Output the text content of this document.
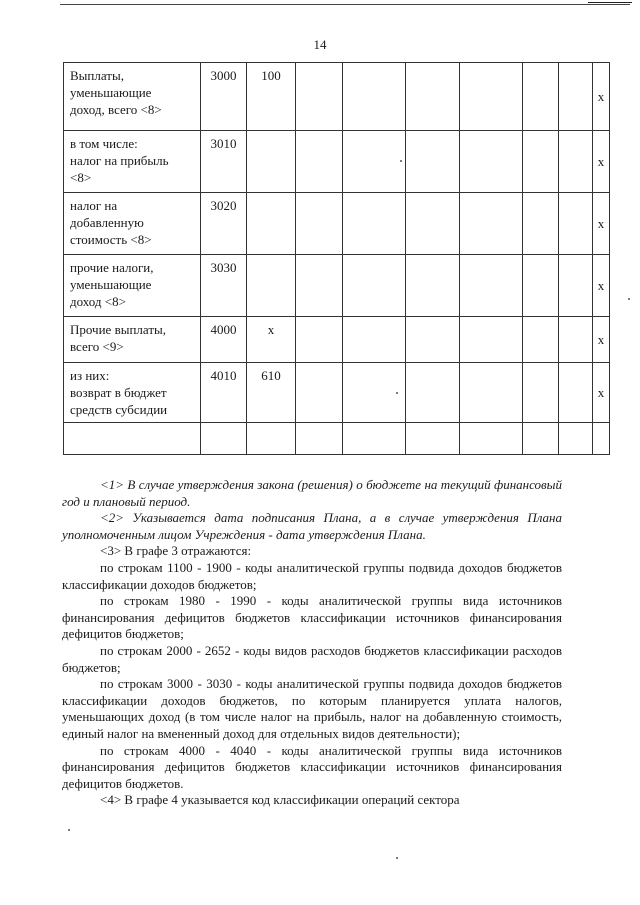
14
Выплаты,
уменьшающие
доход, всего <8>	3000	100							x
в том числе:
налог на прибыль
<8>	3010								x
налог на
добавленную
стоимость <8>	3020								x
прочие налоги,
уменьшающие
доход <8>	3030								x
Прочие выплаты,
всего <9>	4000	x							x
из них:
возврат в бюджет
средств субсидии	4010	610							x

<1> В случае утверждения закона (решения) о бюджете на текущий финансовый год и плановый период.

<2> Указывается дата подписания Плана, а в случае утверждения Плана уполномоченным лицом Учреждения - дата утверждения Плана.

<3> В графе 3 отражаются:

по строкам 1100 - 1900 - коды аналитической группы подвида доходов бюджетов классификации доходов бюджетов;

по строкам 1980 - 1990 - коды аналитической группы вида источников финансирования дефицитов бюджетов классификации источников финансирования дефицитов бюджетов;

по строкам 2000 - 2652 - коды видов расходов бюджетов классификации расходов бюджетов;

по строкам 3000 - 3030 - коды аналитической группы подвида доходов бюджетов классификации доходов бюджетов, по которым планируется уплата налогов, уменьшающих доход (в том числе налог на прибыль, налог на добавленную стоимость, единый налог на вмененный доход для отдельных видов деятельности);

по строкам 4000 - 4040 - коды аналитической группы вида источников финансирования дефицитов бюджетов классификации источников финансирования дефицитов бюджетов.

<4> В графе 4 указывается код классификации операций сектора
